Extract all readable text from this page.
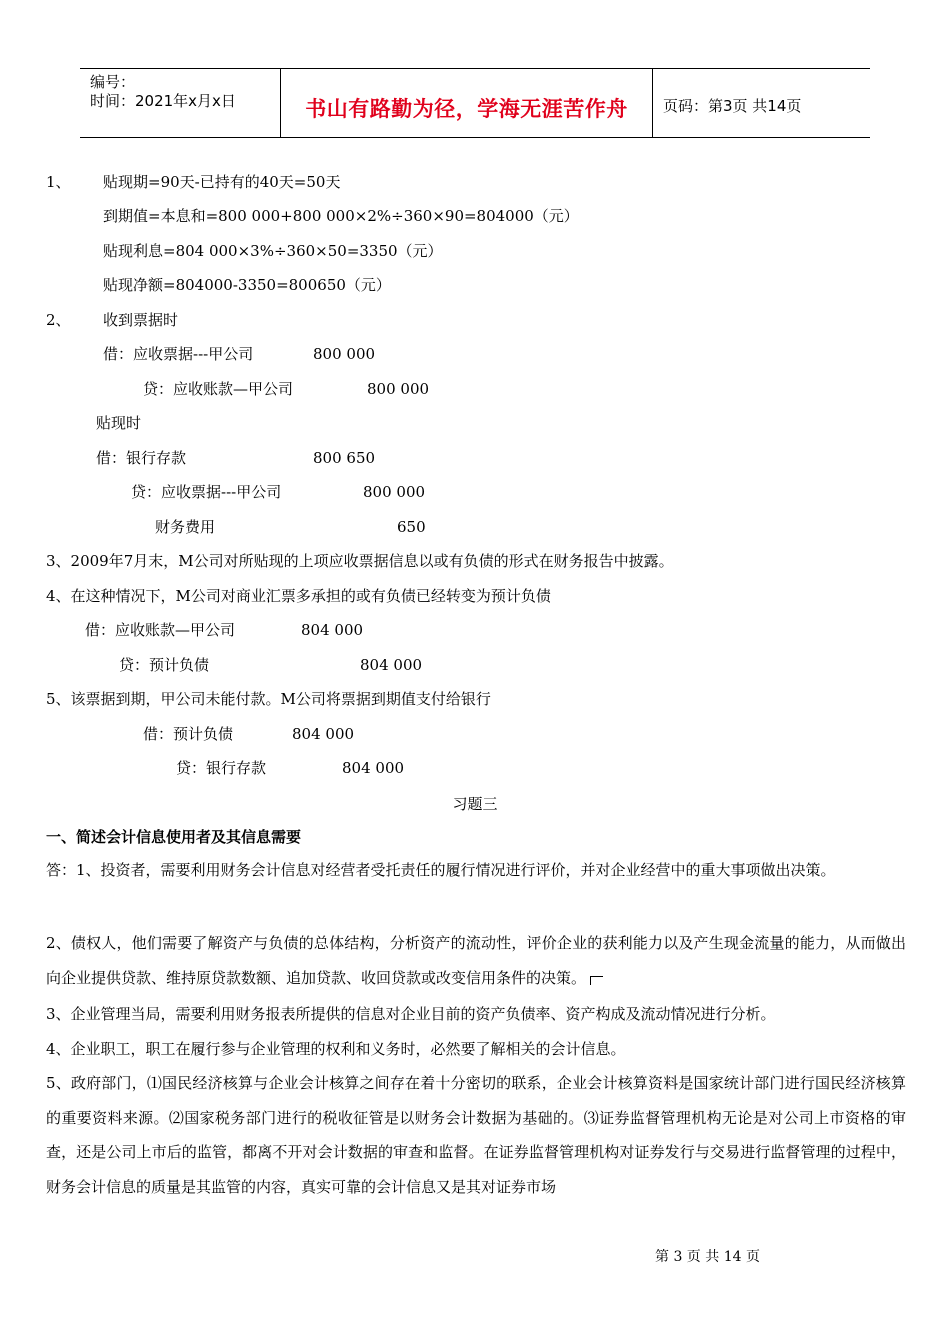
编号：
时间：2021年x月x日	书山有路勤为径，学海无涯苦作舟	页码：第3页 共14页
1、 贴现期=90天-已持有的40天=50天
到期值=本息和=800 000+800 000×2%÷360×90=804000（元）
贴现利息=804 000×3%÷360×50=3350（元）
贴现净额=804000-3350=800650（元）
2、 收到票据时
借：应收票据---甲公司	800 000
贷：应收账款—甲公司	800 000
贴现时
借：银行存款	800 650
贷：应收票据---甲公司	800 000
财务费用	650
3、2009年7月末，M公司对所贴现的上项应收票据信息以或有负债的形式在财务报告中披露。
4、在这种情况下，M公司对商业汇票多承担的或有负债已经转变为预计负债
借：应收账款—甲公司	804 000
贷：预计负债	804 000
5、该票据到期，甲公司未能付款。M公司将票据到期值支付给银行
借：预计负债	804 000
贷：银行存款	804 000
习题三
一、简述会计信息使用者及其信息需要
答：1、投资者，需要利用财务会计信息对经营者受托责任的履行情况进行评价，并对企业经营中的重大事项做出决策。
2、债权人，他们需要了解资产与负债的总体结构，分析资产的流动性，评价企业的获利能力以及产生现金流量的能力，从而做出向企业提供贷款、维持原贷款数额、追加贷款、收回贷款或改变信用条件的决策。
3、企业管理当局，需要利用财务报表所提供的信息对企业目前的资产负债率、资产构成及流动情况进行分析。
4、企业职工，职工在履行参与企业管理的权利和义务时，必然要了解相关的会计信息。
5、政府部门，⑴国民经济核算与企业会计核算之间存在着十分密切的联系，企业会计核算资料是国家统计部门进行国民经济核算的重要资料来源。⑵国家税务部门进行的税收征管是以财务会计数据为基础的。⑶证券监督管理机构无论是对公司上市资格的审查，还是公司上市后的监管，都离不开对会计数据的审查和监督。在证券监督管理机构对证券发行与交易进行监督管理的过程中，财务会计信息的质量是其监管的内容，真实可靠的会计信息又是其对证券市场
第 3 页 共 14 页
